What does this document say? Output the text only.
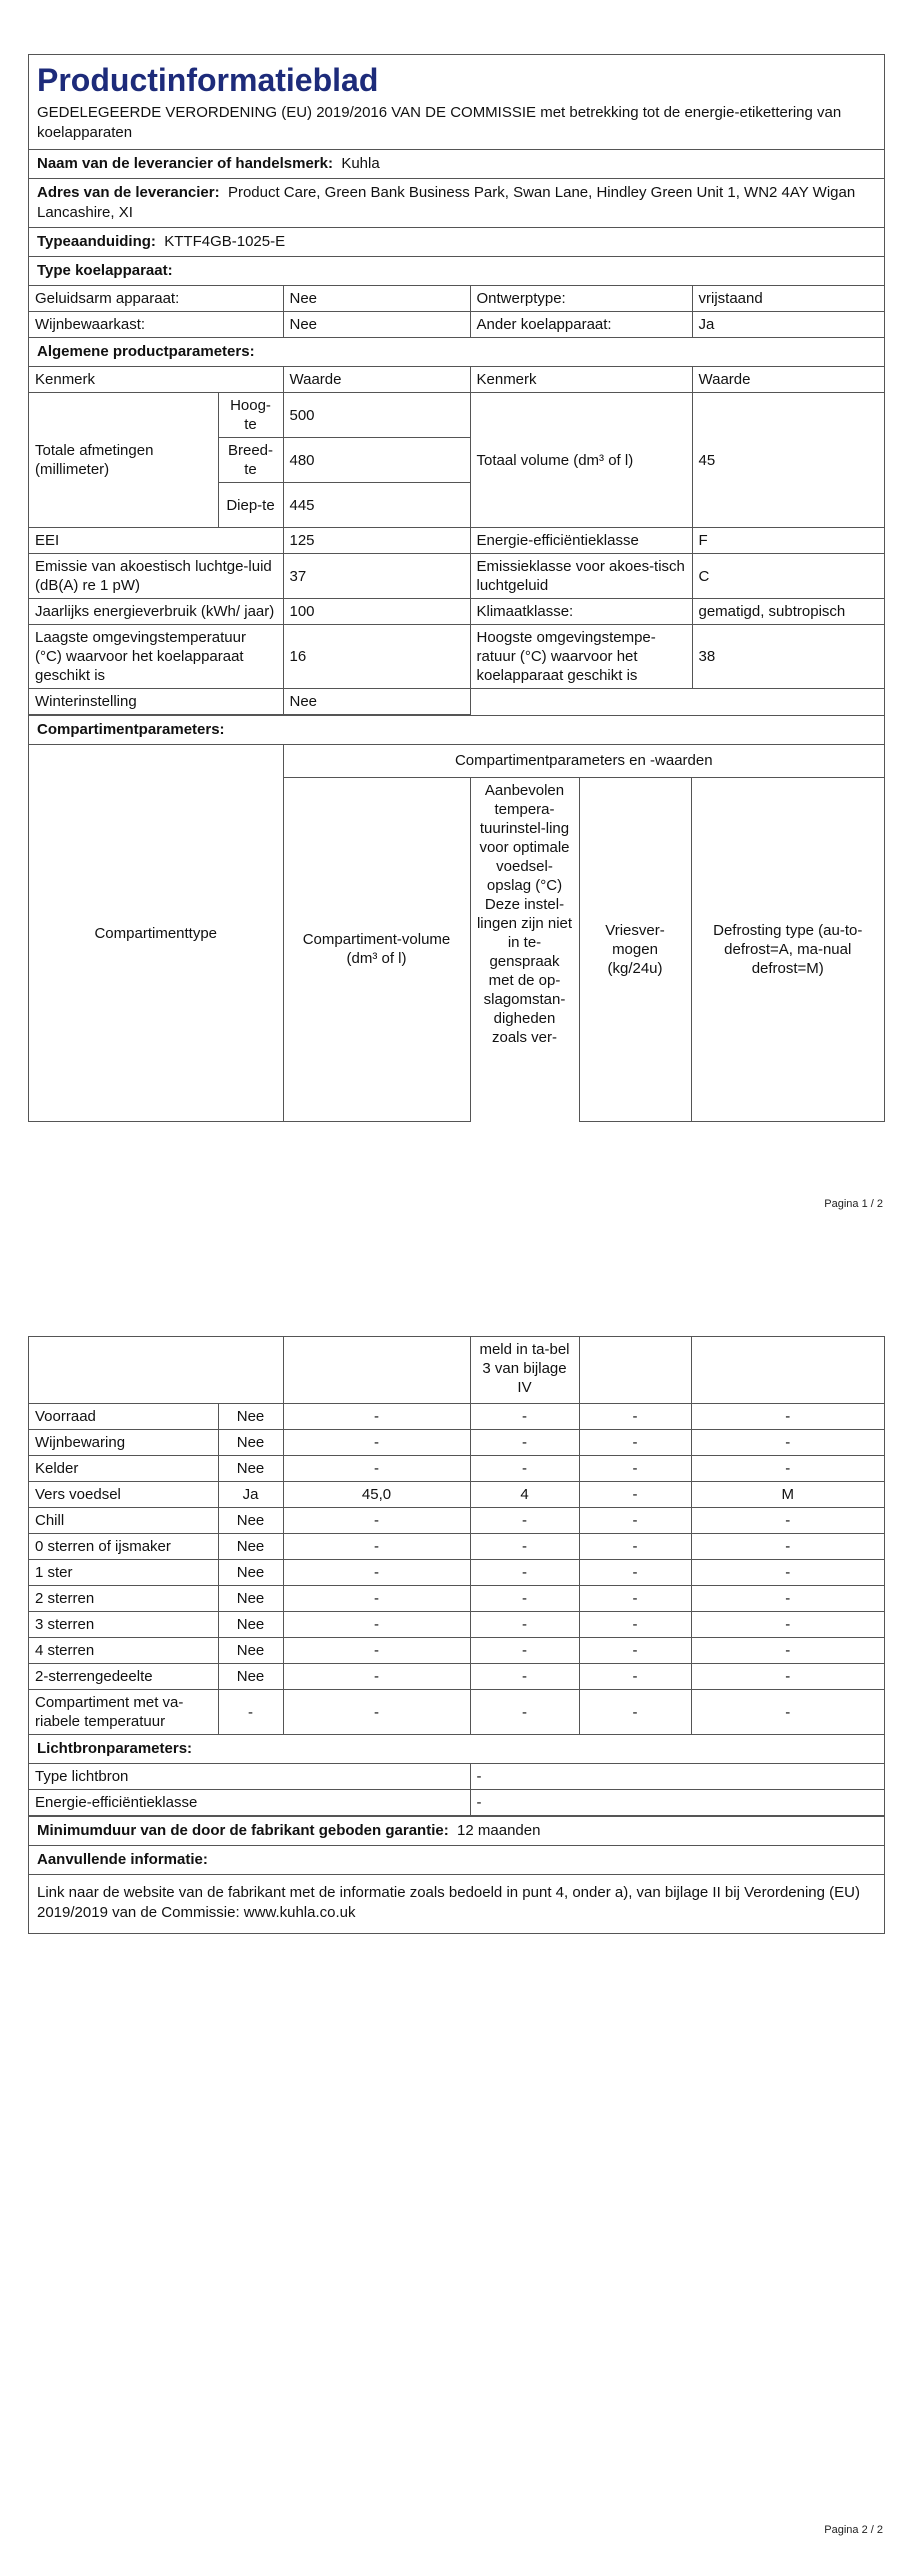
Productinformatieblad
GEDELEGEERDE VERORDENING (EU) 2019/2016 VAN DE COMMISSIE met betrekking tot de energie-etikettering van koelapparaten
Naam van de leverancier of handelsmerk: Kuhla
Adres van de leverancier: Product Care, Green Bank Business Park, Swan Lane, Hindley Green Unit 1, WN2 4AY Wigan Lancashire, XI
Typeaanduiding: KTTF4GB-1025-E
Type koelapparaat:
Geluidsarm apparaat:	Nee	Ontwerptype:	vrijstaand
Wijnbewaarkast:	Nee	Ander koelapparaat:	Ja
Algemene productparameters:
Kenmerk		Waarde	Kenmerk	Waarde
Totale afmetingen (millimeter)	Hoog-te	500	Totaal volume (dm³ of l)	45
	Breed-te	480		
	Diep-te	445		
EEI		125	Energie-efficiëntieklasse	F
Emissie van akoestisch luchtge-luid (dB(A) re 1 pW)		37	Emissieklasse voor akoes-tisch luchtgeluid	C
Jaarlijks energieverbruik (kWh/ jaar)		100	Klimaatklasse:	gematigd, subtropisch
Laagste omgevingstemperatuur (°C) waarvoor het koelapparaat geschikt is		16	Hoogste omgevingstempe-ratuur (°C) waarvoor het koelapparaat geschikt is	38
Winterinstelling		Nee		
Compartimentparameters:
Compartimenttype	Compartimentparameters en -waarden			
	Compartiment-volume (dm³ of l)	Aanbevolen tempera-tuurinstel-ling voor optimale voedsel-opslag (°C) Deze instel-lingen zijn niet in te-genspraak met de op-slagomstan-digheden zoals ver-	Vriesver-mogen (kg/24u)	Defrosting type (au-to-defrost=A, ma-nual defrost=M)
Pagina 1 / 2
			meld in ta-bel 3 van bijlage IV		
Voorraad	Nee	-	-	-	-
Wijnbewaring	Nee	-	-	-	-
Kelder	Nee	-	-	-	-
Vers voedsel	Ja	45,0	4	-	M
Chill	Nee	-	-	-	-
0 sterren of ijsmaker	Nee	-	-	-	-
1 ster	Nee	-	-	-	-
2 sterren	Nee	-	-	-	-
3 sterren	Nee	-	-	-	-
4 sterren	Nee	-	-	-	-
2-sterrengedeelte	Nee	-	-	-	-
Compartiment met va-riabele temperatuur	-	-	-	-	-
Lichtbronparameters:
Type lichtbron	-
Energie-efficiëntieklasse	-
Minimumduur van de door de fabrikant geboden garantie: 12 maanden
Aanvullende informatie:
Link naar de website van de fabrikant met de informatie zoals bedoeld in punt 4, onder a), van bijlage II bij Verordening (EU) 2019/2019 van de Commissie: www.kuhla.co.uk
Pagina 2 / 2
